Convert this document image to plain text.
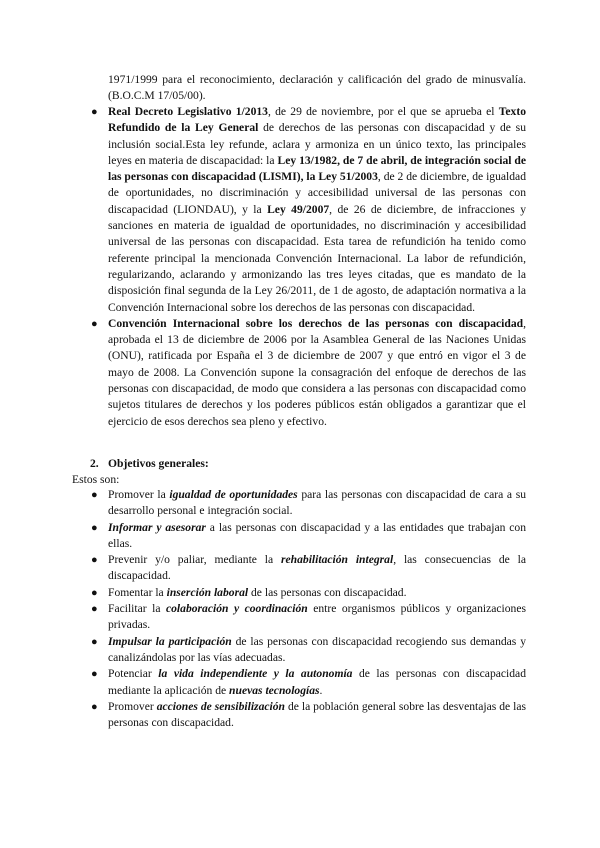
1971/1999 para el reconocimiento, declaración y calificación del grado de minusvalía. (B.O.C.M 17/05/00).

● Real Decreto Legislativo 1/2013, de 29 de noviembre, por el que se aprueba el Texto Refundido de la Ley General de derechos de las personas con discapacidad y de su inclusión social.Esta ley refunde, aclara y armoniza en un único texto, las principales leyes en materia de discapacidad: la Ley 13/1982, de 7 de abril, de integración social de las personas con discapacidad (LISMI), la Ley 51/2003, de 2 de diciembre, de igualdad de oportunidades, no discriminación y accesibilidad universal de las personas con discapacidad (LIONDAU), y la Ley 49/2007, de 26 de diciembre, de infracciones y sanciones en materia de igualdad de oportunidades, no discriminación y accesibilidad universal de las personas con discapacidad. Esta tarea de refundición ha tenido como referente principal la mencionada Convención Internacional. La labor de refundición, regularizando, aclarando y armonizando las tres leyes citadas, que es mandato de la disposición final segunda de la Ley 26/2011, de 1 de agosto, de adaptación normativa a la Convención Internacional sobre los derechos de las personas con discapacidad.
● Convención Internacional sobre los derechos de las personas con discapacidad, aprobada el 13 de diciembre de 2006 por la Asamblea General de las Naciones Unidas (ONU), ratificada por España el 3 de diciembre de 2007 y que entró en vigor el 3 de mayo de 2008. La Convención supone la consagración del enfoque de derechos de las personas con discapacidad, de modo que considera a las personas con discapacidad como sujetos titulares de derechos y los poderes públicos están obligados a garantizar que el ejercicio de esos derechos sea pleno y efectivo.
2. Objetivos generales:

Estos son:

● Promover la igualdad de oportunidades para las personas con discapacidad de cara a su desarrollo personal e integración social.
● Informar y asesorar a las personas con discapacidad y a las entidades que trabajan con ellas.
● Prevenir y/o paliar, mediante la rehabilitación integral, las consecuencias de la discapacidad.
● Fomentar la inserción laboral de las personas con discapacidad.
● Facilitar la colaboración y coordinación entre organismos públicos y organizaciones privadas.
● Impulsar la participación de las personas con discapacidad recogiendo sus demandas y canalizándolas por las vías adecuadas.
● Potenciar la vida independiente y la autonomía de las personas con discapacidad mediante la aplicación de nuevas tecnologías.
● Promover acciones de sensibilización de la población general sobre las desventajas de las personas con discapacidad.
